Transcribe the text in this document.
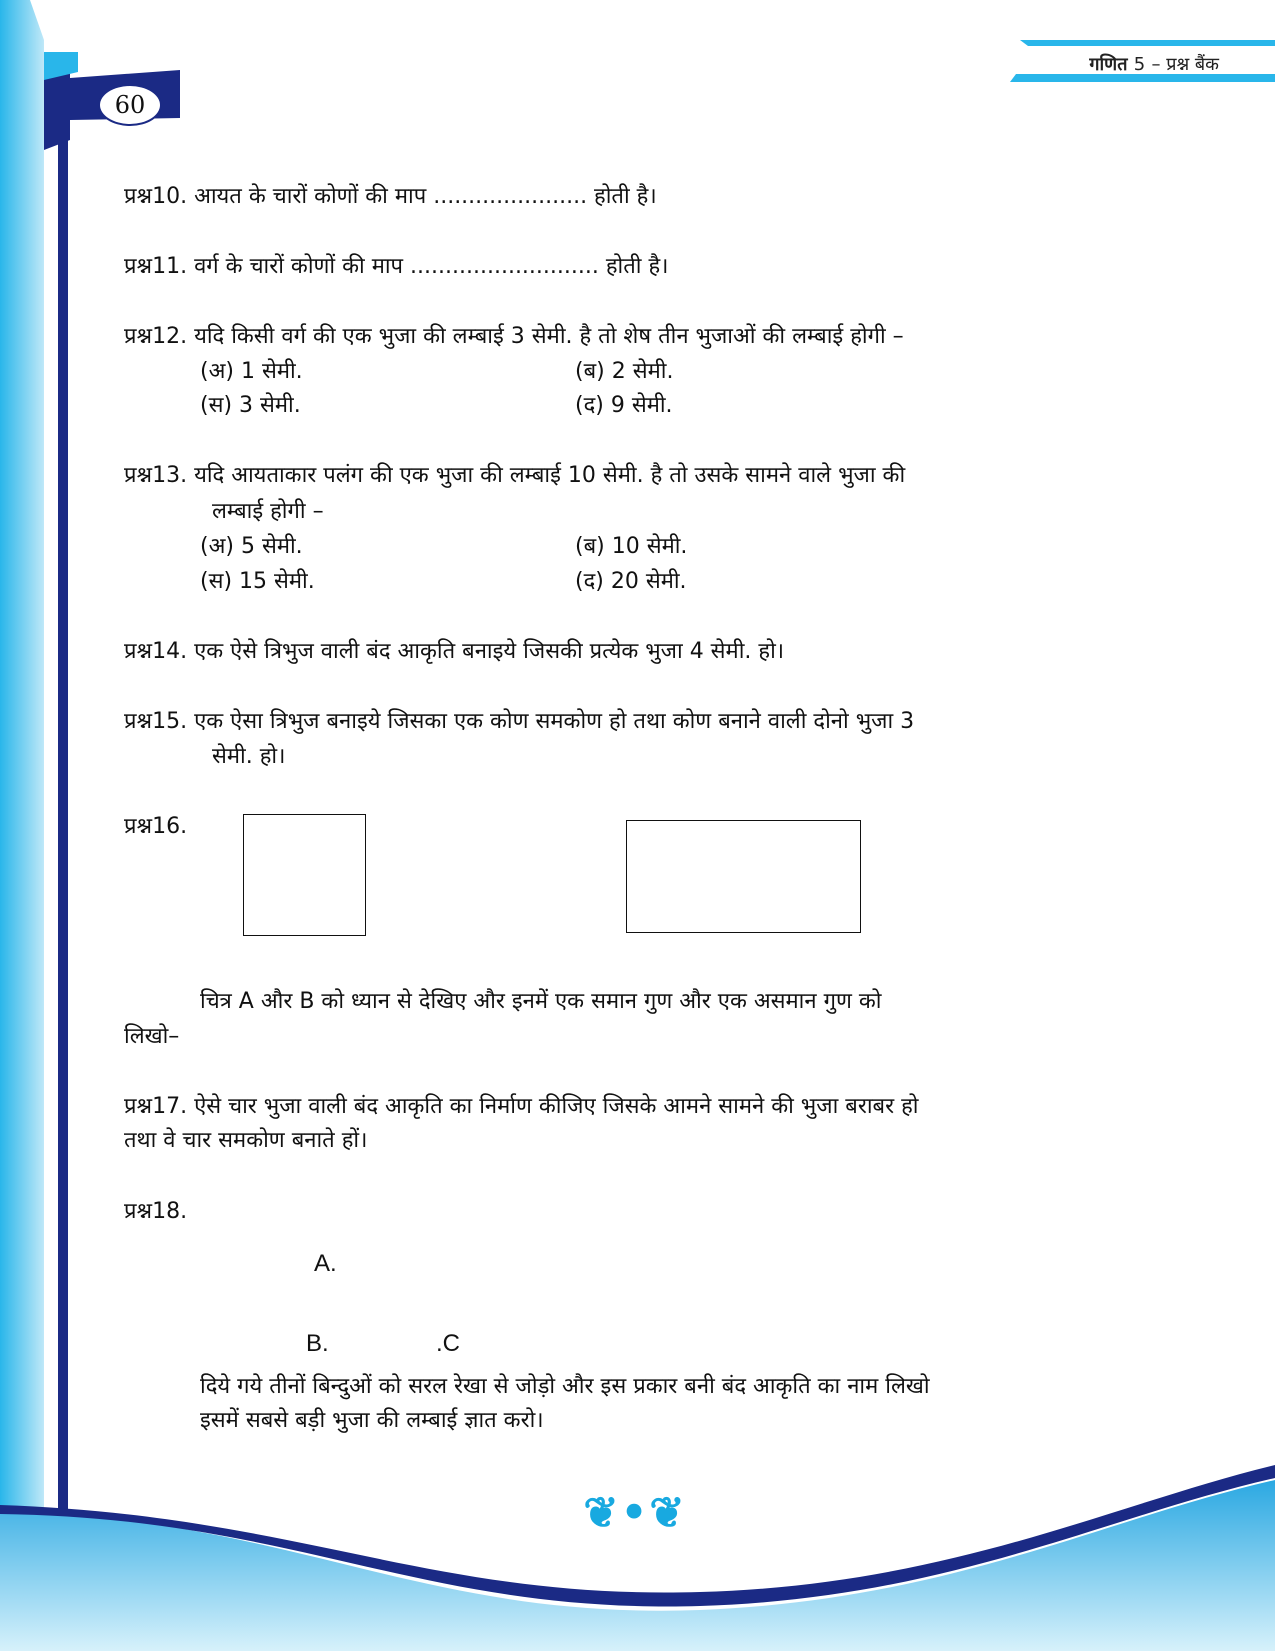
60
गणित 5 – प्रश्न बैंक
प्रश्न10. आयत के चारों कोणों की माप ...................... होती है।
प्रश्न11. वर्ग के चारों कोणों की माप ........................... होती है।
प्रश्न12. यदि किसी वर्ग की एक भुजा की लम्बाई 3 सेमी. है तो शेष तीन भुजाओं की लम्बाई होगी –
(अ) 1 सेमी.	(ब) 2 सेमी.
(स) 3 सेमी.	(द) 9 सेमी.
प्रश्न13. यदि आयताकार पलंग की एक भुजा की लम्बाई 10 सेमी. है तो उसके सामने वाले भुजा की
लम्बाई होगी –
(अ) 5 सेमी.	(ब) 10 सेमी.
(स) 15 सेमी.	(द) 20 सेमी.
प्रश्न14. एक ऐसे त्रिभुज वाली बंद आकृति बनाइये जिसकी प्रत्येक भुजा 4 सेमी. हो।
प्रश्न15. एक ऐसा त्रिभुज बनाइये जिसका एक कोण समकोण हो तथा कोण बनाने वाली दोनो भुजा 3
सेमी. हो।
प्रश्न16.
चित्र A और B को ध्यान से देखिए और इनमें एक समान गुण और एक असमान गुण को
लिखो–
प्रश्न17. ऐसे चार भुजा वाली बंद आकृति का निर्माण कीजिए जिसके आमने सामने की भुजा बराबर हो
तथा वे चार समकोण बनाते हों।
प्रश्न18.
A.
B.	.C
दिये गये तीनों बिन्दुओं को सरल रेखा से जोड़ो और इस प्रकार बनी बंद आकृति का नाम लिखो
इसमें सबसे बड़ी भुजा की लम्बाई ज्ञात करो।
❦•❦
